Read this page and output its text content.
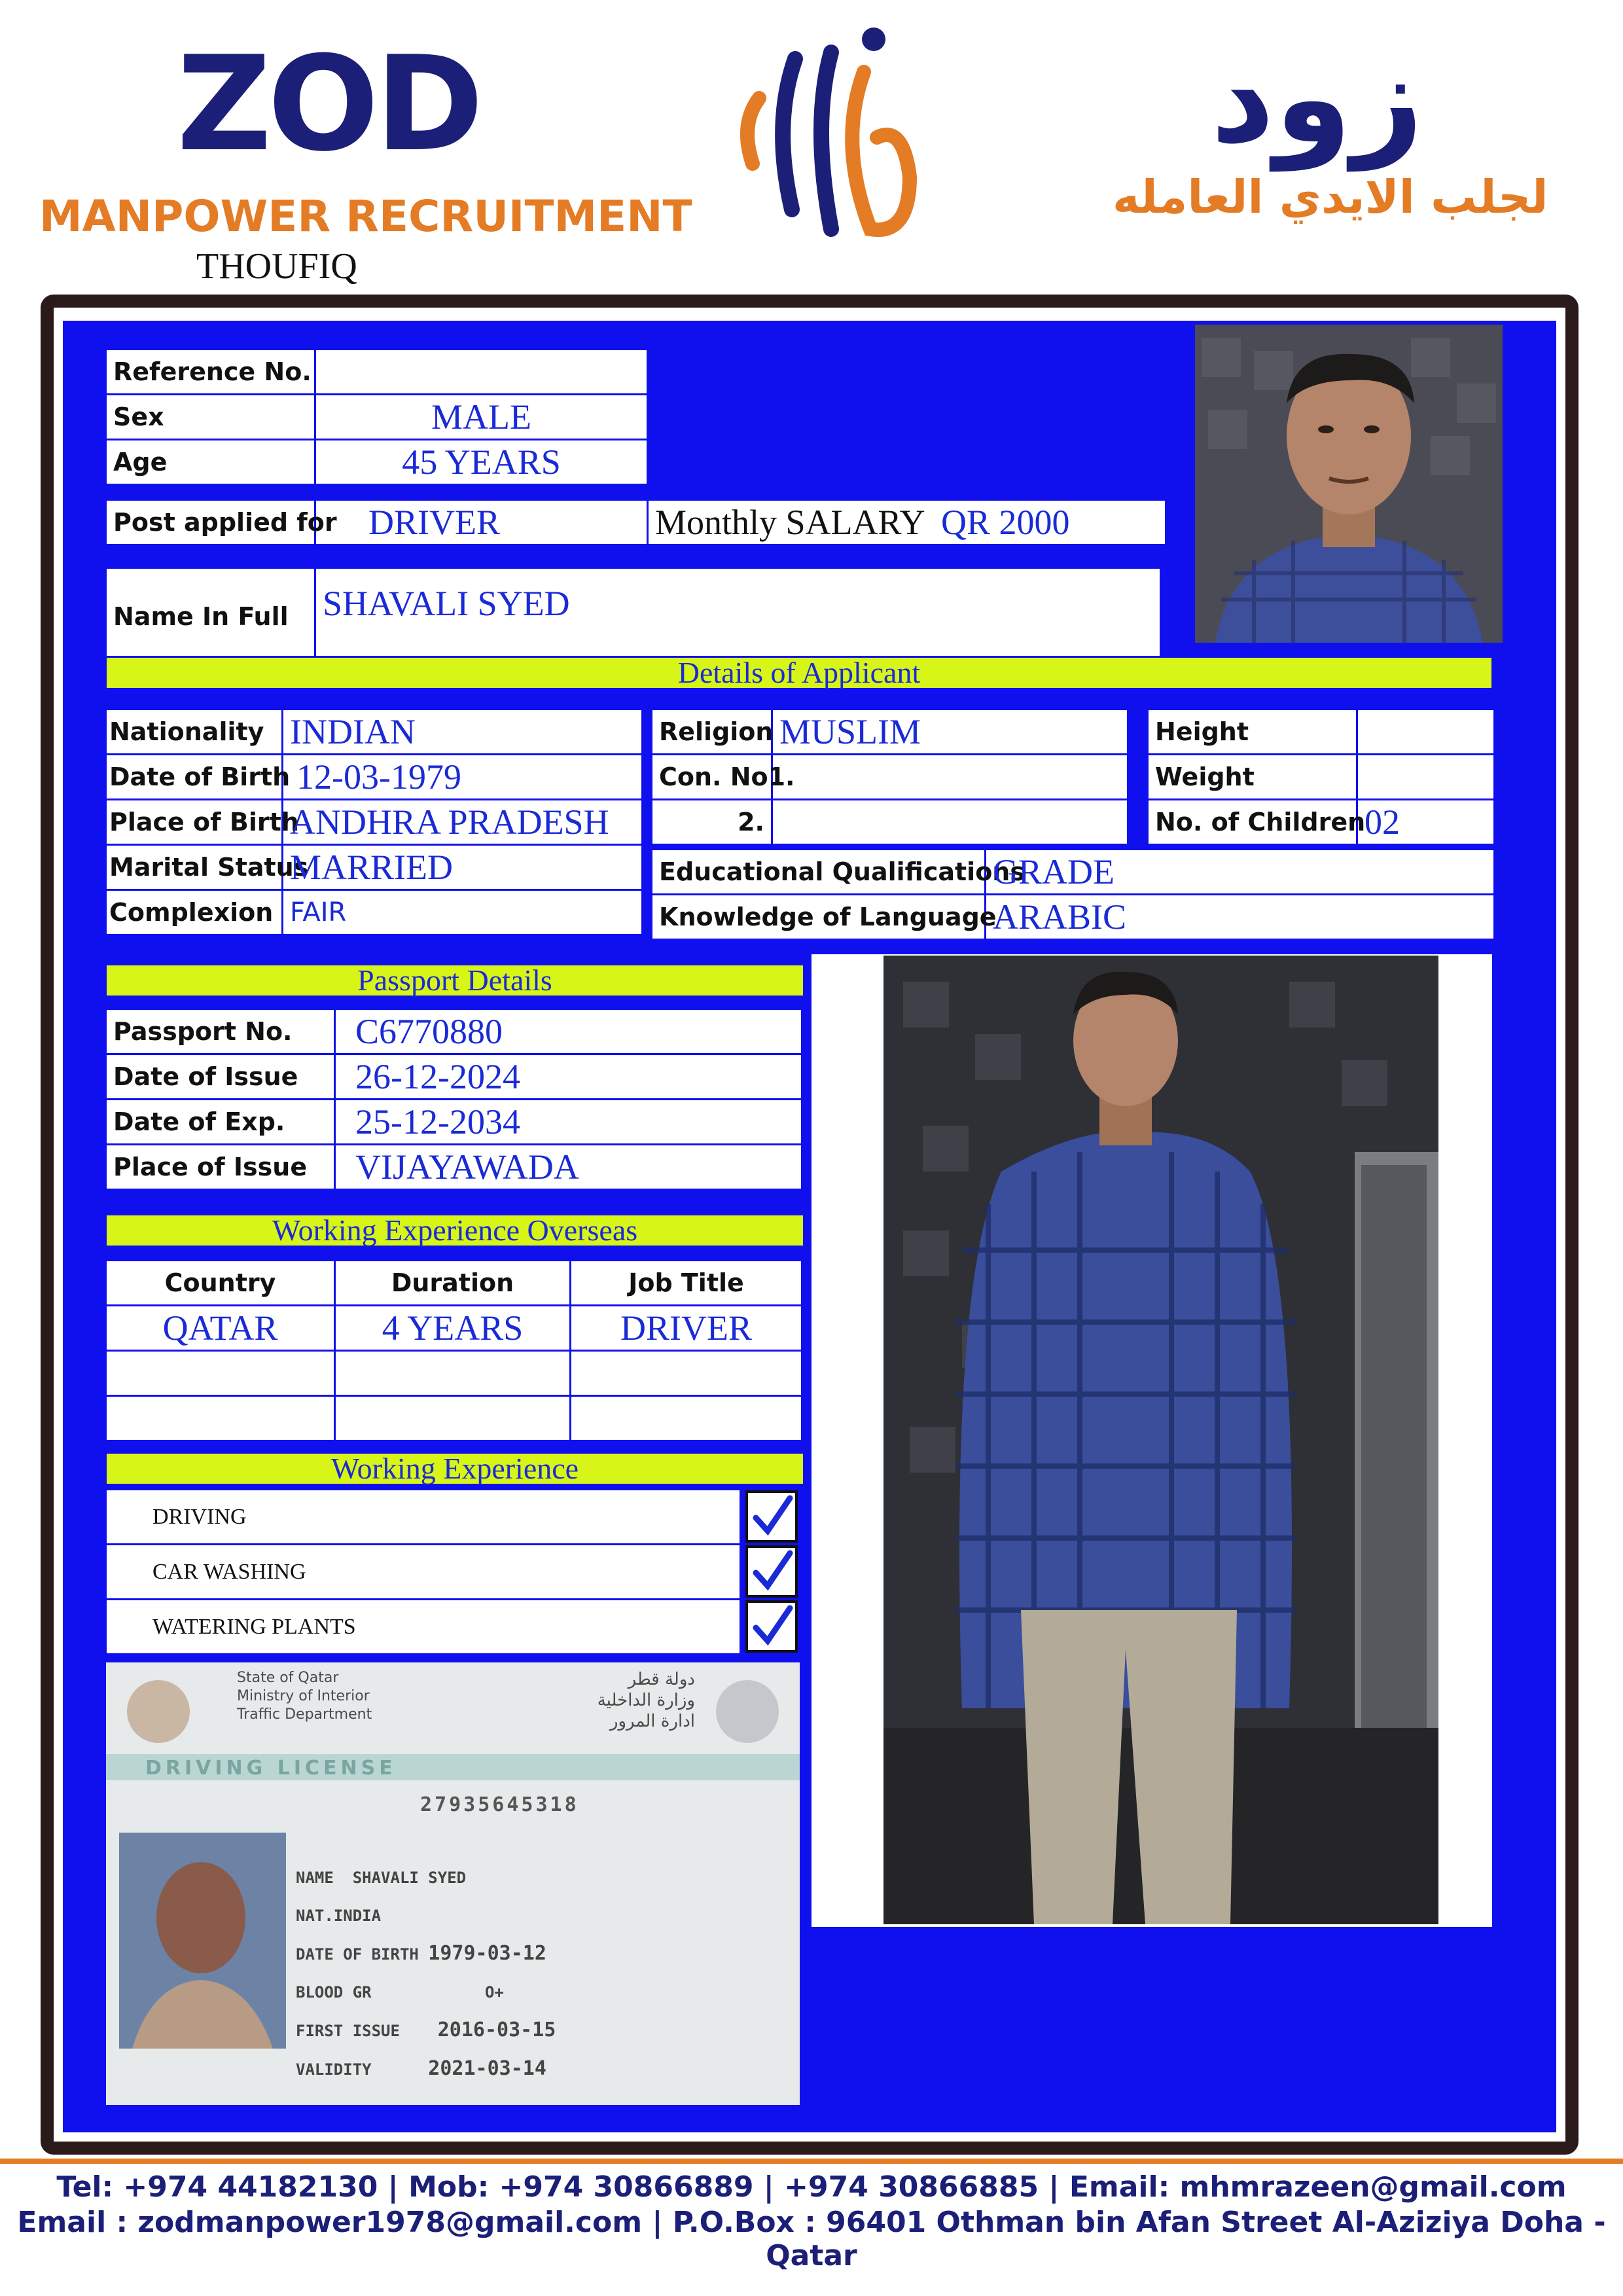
ZOD
MANPOWER RECRUITMENT
THOUFIQ
زود
لجلب الايدي العامله
Reference No.	
Sex	MALE
Age	45 YEARS
Post applied for	DRIVER	Monthly SALARY QR 2000
Name In Full	SHAVALI SYED
Details of Applicant
Nationality	INDIAN
Date of Birth	12-03-1979
Place of Birth	ANDHRA PRADESH
Marital Status	MARRIED
Complexion	FAIR
Religion	MUSLIM
Con. No1.	
2.	
Height	
Weight	
No. of Children	02
Educational Qualifications	GRADE
Knowledge of Language	ARABIC
Passport Details
Passport No.	C6770880
Date of Issue	26-12-2024
Date of Exp.	25-12-2034
Place of Issue	VIJAYAWADA
Working Experience Overseas
Country	Duration	Job Title
QATAR	4 YEARS	DRIVER

Working Experience
DRIVING	
CAR WASHING	
WATERING PLANTS	
State of Qatar
Ministry of Interior
Traffic Department
دولة قطر
وزارة الداخلية
ادارة المرور
DRIVING LICENSE
27935645318
NAME SHAVALI SYED
NAT.INDIA
DATE OF BIRTH 1979-03-12
BLOOD GR	O+
FIRST ISSUE 2016-03-15
VALIDITY	2021-03-14
Tel: +974 44182130 | Mob: +974 30866889 | +974 30866885 | Email: mhmrazeen@gmail.com
Email : zodmanpower1978@gmail.com | P.O.Box : 96401 Othman bin Afan Street Al-Aziziya Doha - Qatar
